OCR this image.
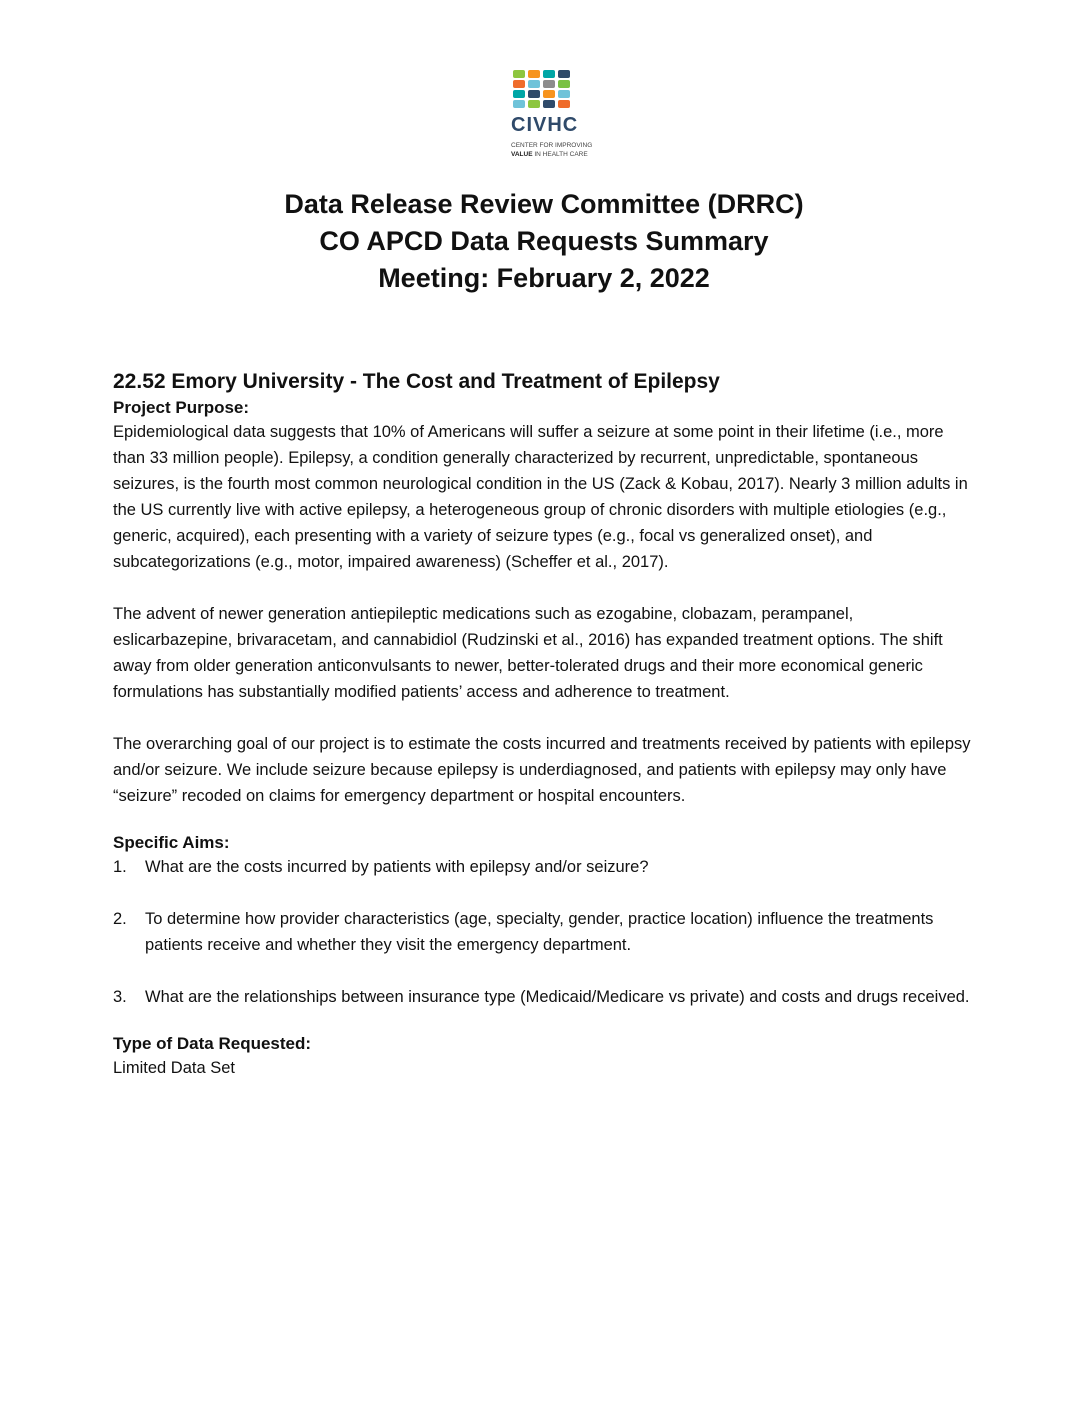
CIVHC
CENTER FOR IMPROVING
VALUE IN HEALTH CARE
Data Release Review Committee (DRRC)
CO APCD Data Requests Summary
Meeting: February 2, 2022
22.52 Emory University - The Cost and Treatment of Epilepsy
Project Purpose:

Epidemiological data suggests that 10% of Americans will suffer a seizure at some point in their lifetime (i.e., more than 33 million people). Epilepsy, a condition generally characterized by recurrent, unpredictable, spontaneous seizures, is the fourth most common neurological condition in the US (Zack & Kobau, 2017). Nearly 3 million adults in the US currently live with active epilepsy, a heterogeneous group of chronic disorders with multiple etiologies (e.g., generic, acquired), each presenting with a variety of seizure types (e.g., focal vs generalized onset), and subcategorizations (e.g., motor, impaired awareness) (Scheffer et al., 2017).

The advent of newer generation antiepileptic medications such as ezogabine, clobazam, perampanel, eslicarbazepine, brivaracetam, and cannabidiol (Rudzinski et al., 2016) has expanded treatment options. The shift away from older generation anticonvulsants to newer, better-tolerated drugs and their more economical generic formulations has substantially modified patients’ access and adherence to treatment.

The overarching goal of our project is to estimate the costs incurred and treatments received by patients with epilepsy and/or seizure. We include seizure because epilepsy is underdiagnosed, and patients with epilepsy may only have “seizure” recoded on claims for emergency department or hospital encounters.

Specific Aims:
1. What are the costs incurred by patients with epilepsy and/or seizure?
2. To determine how provider characteristics (age, specialty, gender, practice location) influence the treatments patients receive and whether they visit the emergency department.
3. What are the relationships between insurance type (Medicaid/Medicare vs private) and costs and drugs received.
Type of Data Requested:

Limited Data Set
